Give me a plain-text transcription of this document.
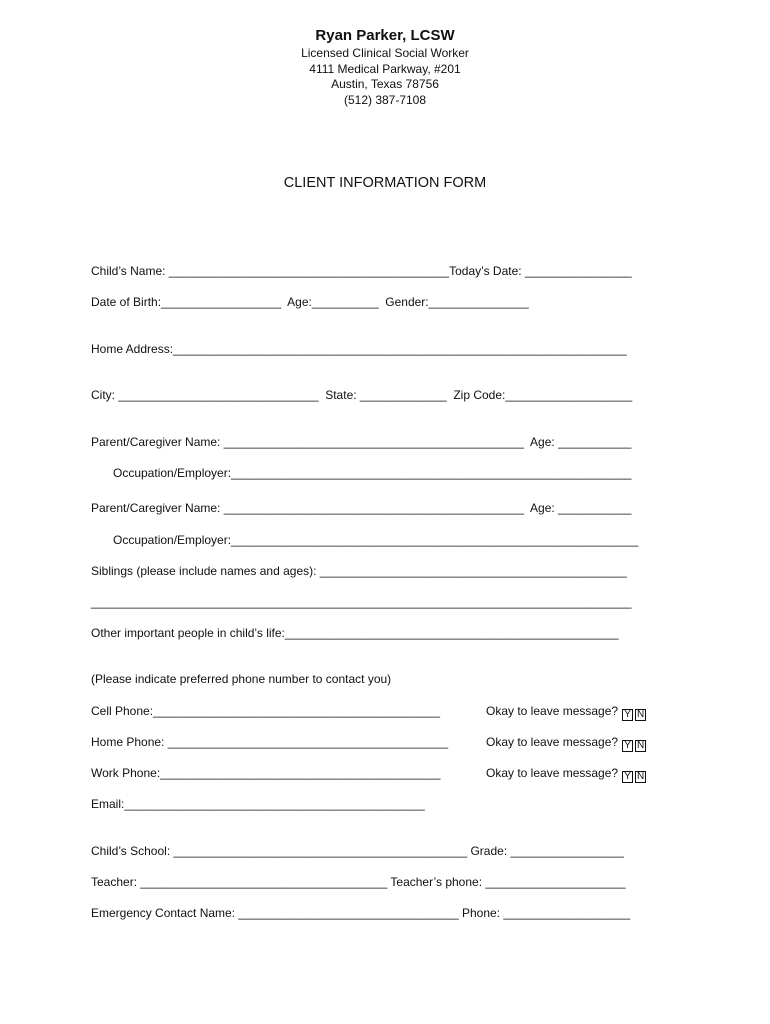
Ryan Parker, LCSW
Licensed Clinical Social Worker
4111 Medical Parkway, #201
Austin, Texas 78756
(512) 387-7108
CLIENT INFORMATION FORM
Child’s Name: __________________________________________Today’s Date: ________________
Date of Birth:__________________  Age:__________  Gender:_______________
Home Address:____________________________________________________________________
City: ______________________________  State: _____________  Zip Code:___________________
Parent/Caregiver Name: _____________________________________________  Age: ___________
Occupation/Employer:____________________________________________________________
Parent/Caregiver Name: _____________________________________________  Age: ___________
Occupation/Employer:_____________________________________________________________
Siblings (please include names and ages): ______________________________________________
_________________________________________________________________________________
Other important people in child’s life:__________________________________________________
(Please indicate preferred phone number to contact you)
Cell Phone:___________________________________________	Okay to leave message? Y N
Home Phone: __________________________________________	Okay to leave message? Y N
Work Phone:__________________________________________	Okay to leave message? Y N
Email:_____________________________________________
Child’s School: ____________________________________________ Grade: _________________
Teacher: _____________________________________ Teacher’s phone: _____________________
Emergency Contact Name: _________________________________ Phone: ___________________
